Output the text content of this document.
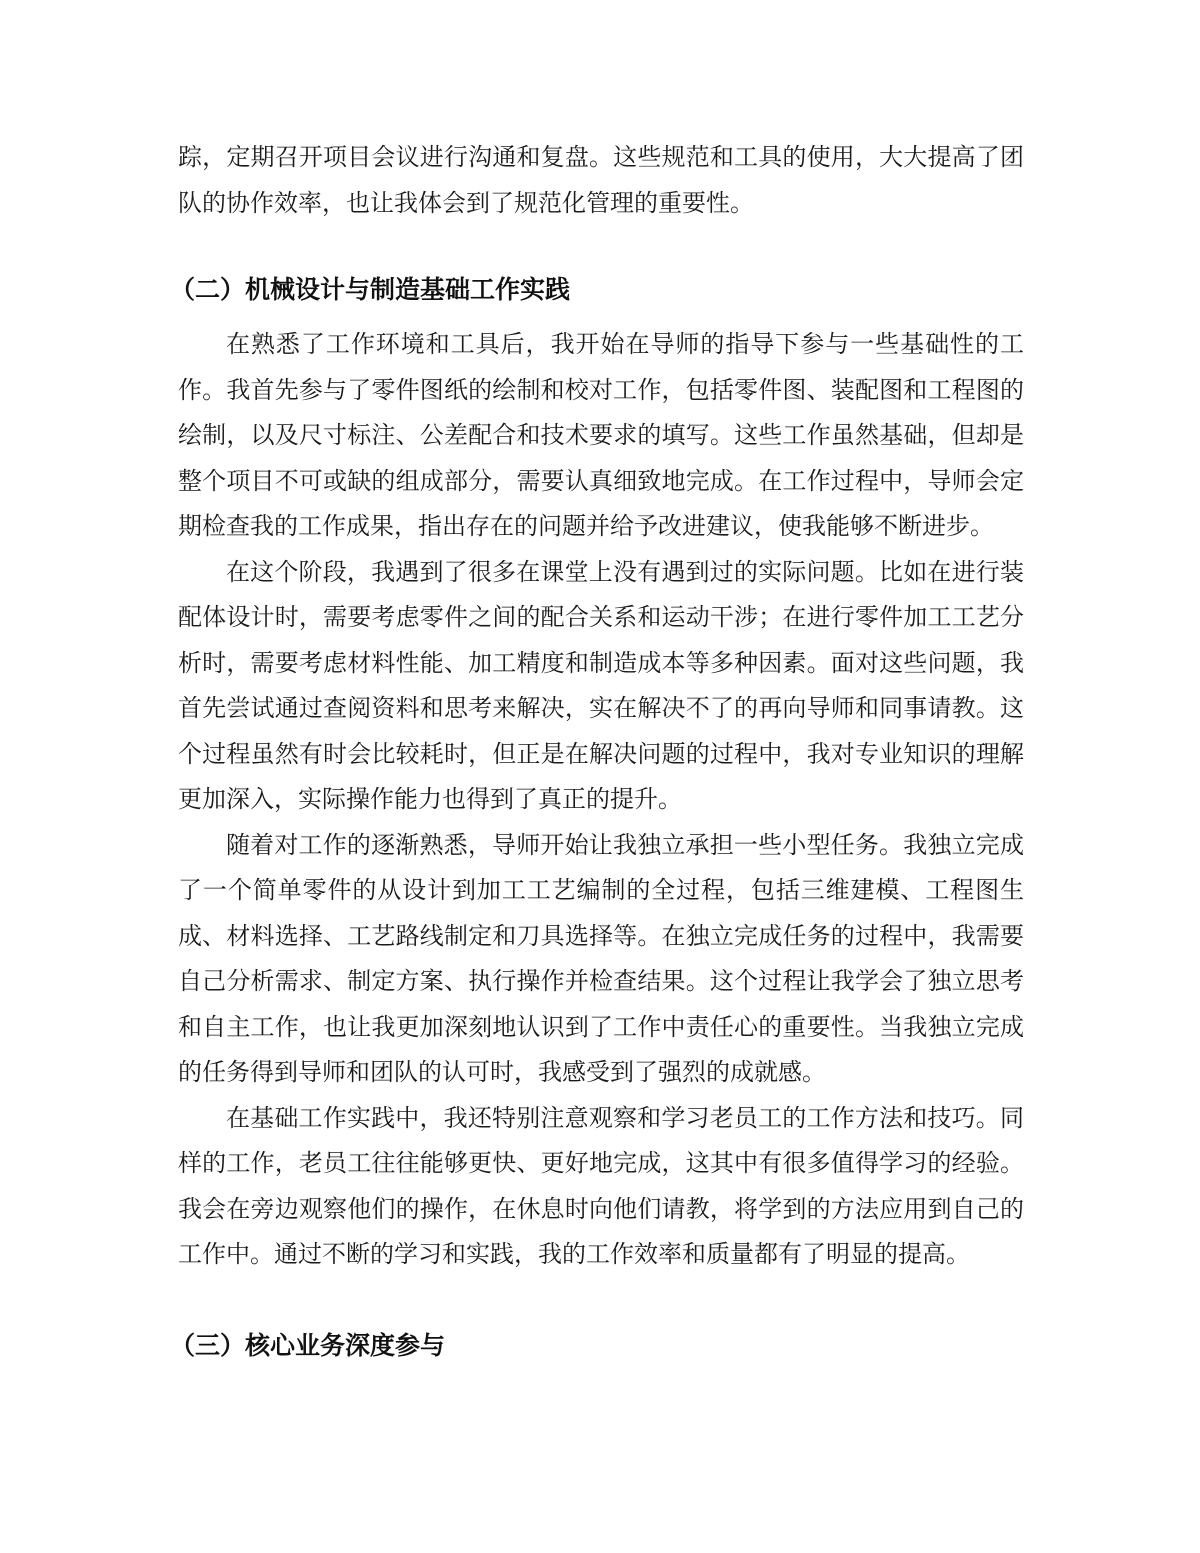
踪，定期召开项目会议进行沟通和复盘。这些规范和工具的使用，大大提高了团队的协作效率，也让我体会到了规范化管理的重要性。

（二）机械设计与制造基础工作实践

在熟悉了工作环境和工具后，我开始在导师的指导下参与一些基础性的工作。我首先参与了零件图纸的绘制和校对工作，包括零件图、装配图和工程图的绘制，以及尺寸标注、公差配合和技术要求的填写。这些工作虽然基础，但却是整个项目不可或缺的组成部分，需要认真细致地完成。在工作过程中，导师会定期检查我的工作成果，指出存在的问题并给予改进建议，使我能够不断进步。

在这个阶段，我遇到了很多在课堂上没有遇到过的实际问题。比如在进行装配体设计时，需要考虑零件之间的配合关系和运动干涉；在进行零件加工工艺分析时，需要考虑材料性能、加工精度和制造成本等多种因素。面对这些问题，我首先尝试通过查阅资料和思考来解决，实在解决不了的再向导师和同事请教。这个过程虽然有时会比较耗时，但正是在解决问题的过程中，我对专业知识的理解更加深入，实际操作能力也得到了真正的提升。

随着对工作的逐渐熟悉，导师开始让我独立承担一些小型任务。我独立完成了一个简单零件的从设计到加工工艺编制的全过程，包括三维建模、工程图生成、材料选择、工艺路线制定和刀具选择等。在独立完成任务的过程中，我需要自己分析需求、制定方案、执行操作并检查结果。这个过程让我学会了独立思考和自主工作，也让我更加深刻地认识到了工作中责任心的重要性。当我独立完成的任务得到导师和团队的认可时，我感受到了强烈的成就感。

在基础工作实践中，我还特别注意观察和学习老员工的工作方法和技巧。同样的工作，老员工往往能够更快、更好地完成，这其中有很多值得学习的经验。我会在旁边观察他们的操作，在休息时向他们请教，将学到的方法应用到自己的工作中。通过不断的学习和实践，我的工作效率和质量都有了明显的提高。

（三）核心业务深度参与
